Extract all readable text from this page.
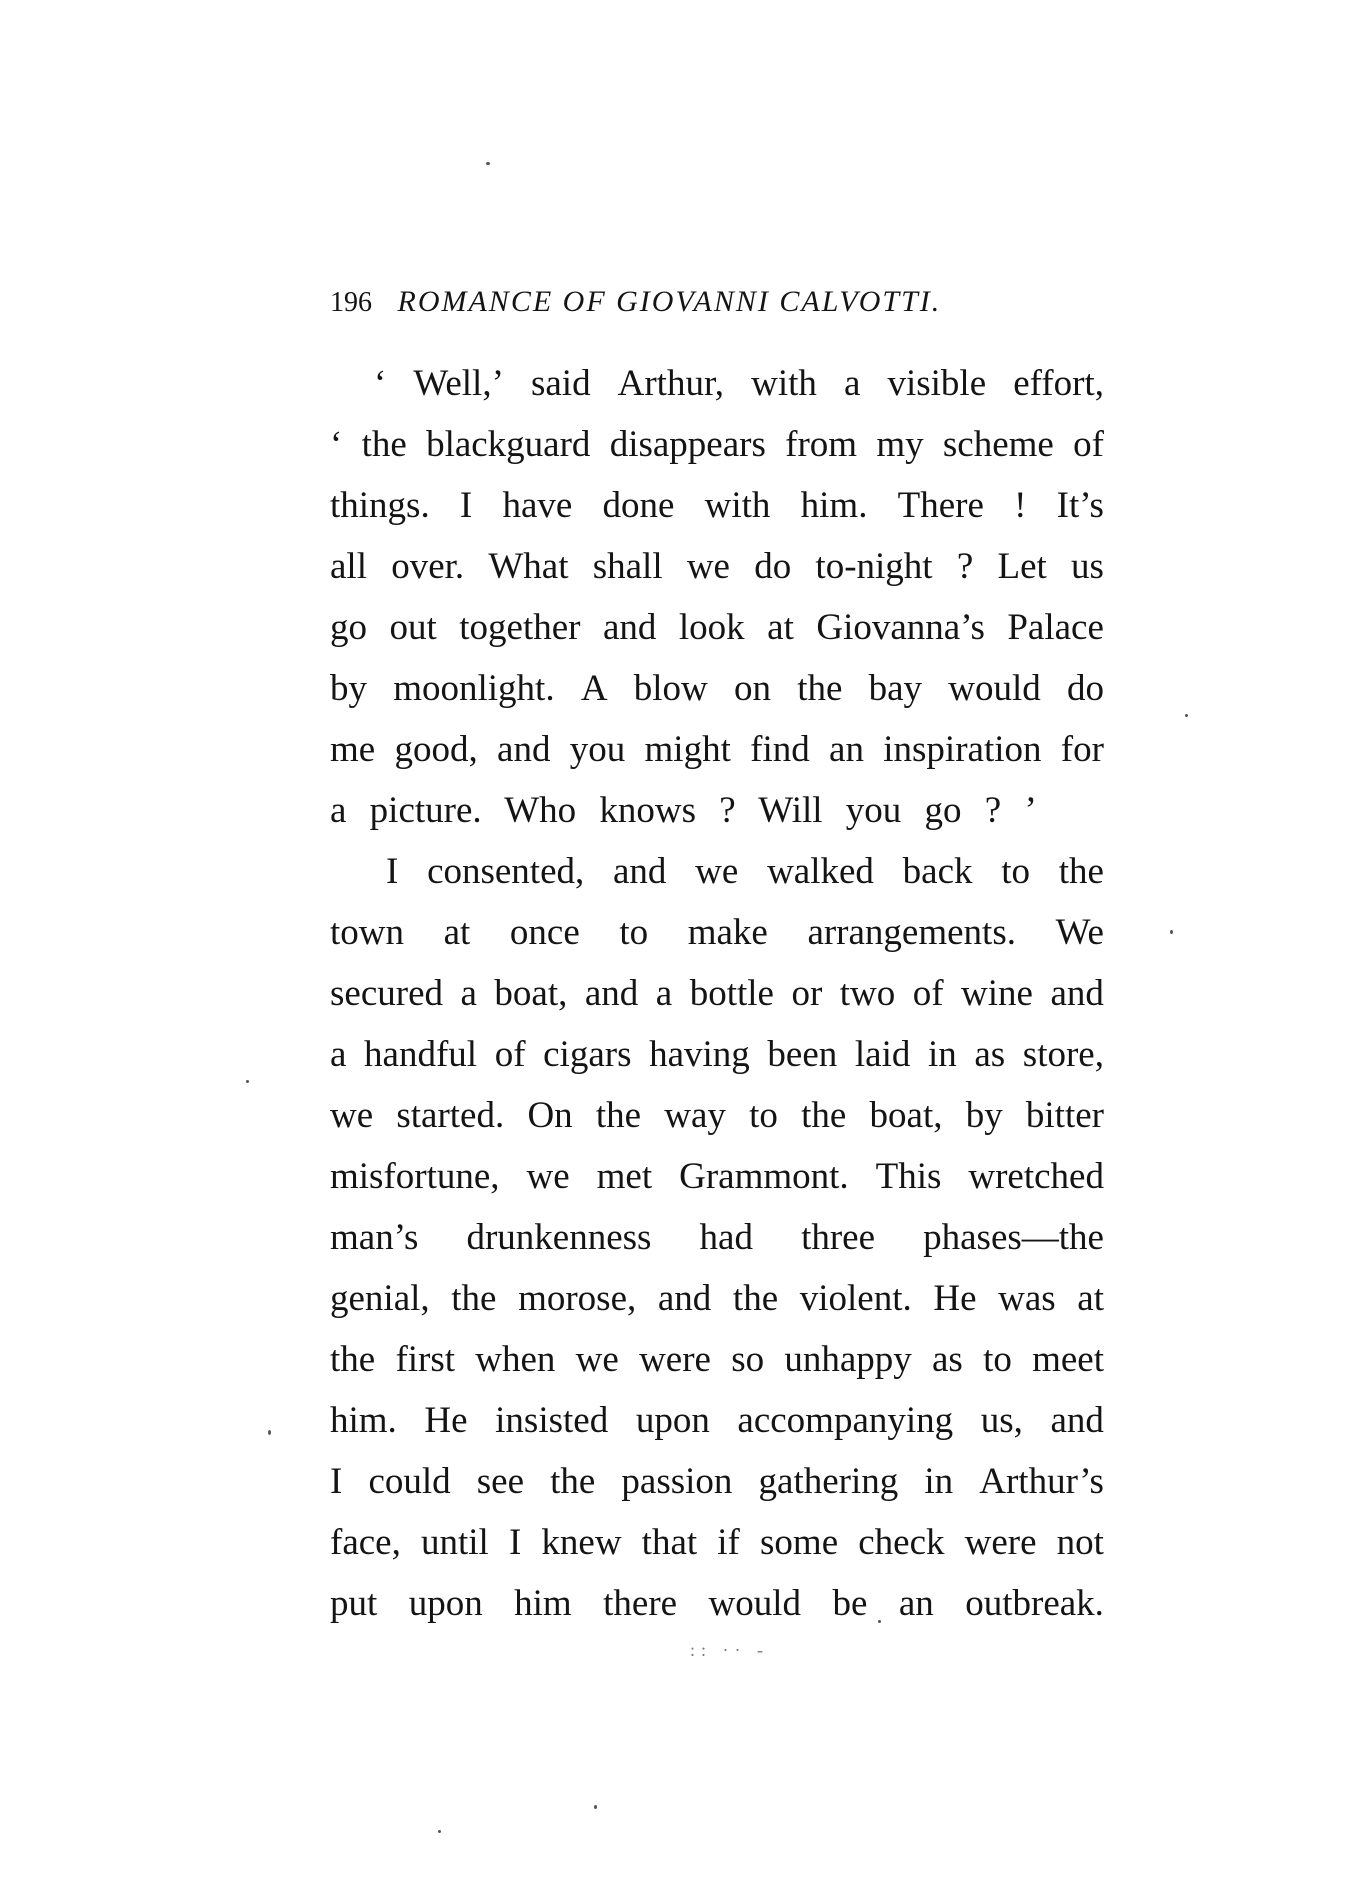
196 ROMANCE OF GIOVANNI CALVOTTI.
‘ Well,’ said Arthur, with a visible effort,
‘ the blackguard disappears from my scheme of
things. I have done with him. There ! It’s
all over. What shall we do to-night ? Let us
go out together and look at Giovanna’s Palace
by moonlight. A blow on the bay would do
me good, and you might find an inspiration for
a picture. Who knows ? Will you go ? ’
I consented, and we walked back to the
town at once to make arrangements. We
secured a boat, and a bottle or two of wine and
a handful of cigars having been laid in as store,
we started. On the way to the boat, by bitter
misfortune, we met Grammont. This wretched
man’s drunkenness had three phases—the
genial, the morose, and the violent. He was at
the first when we were so unhappy as to meet
him. He insisted upon accompanying us, and
I could see the passion gathering in Arthur’s
face, until I knew that if some check were not
put upon him there would be an outbreak.
:: ·· -
